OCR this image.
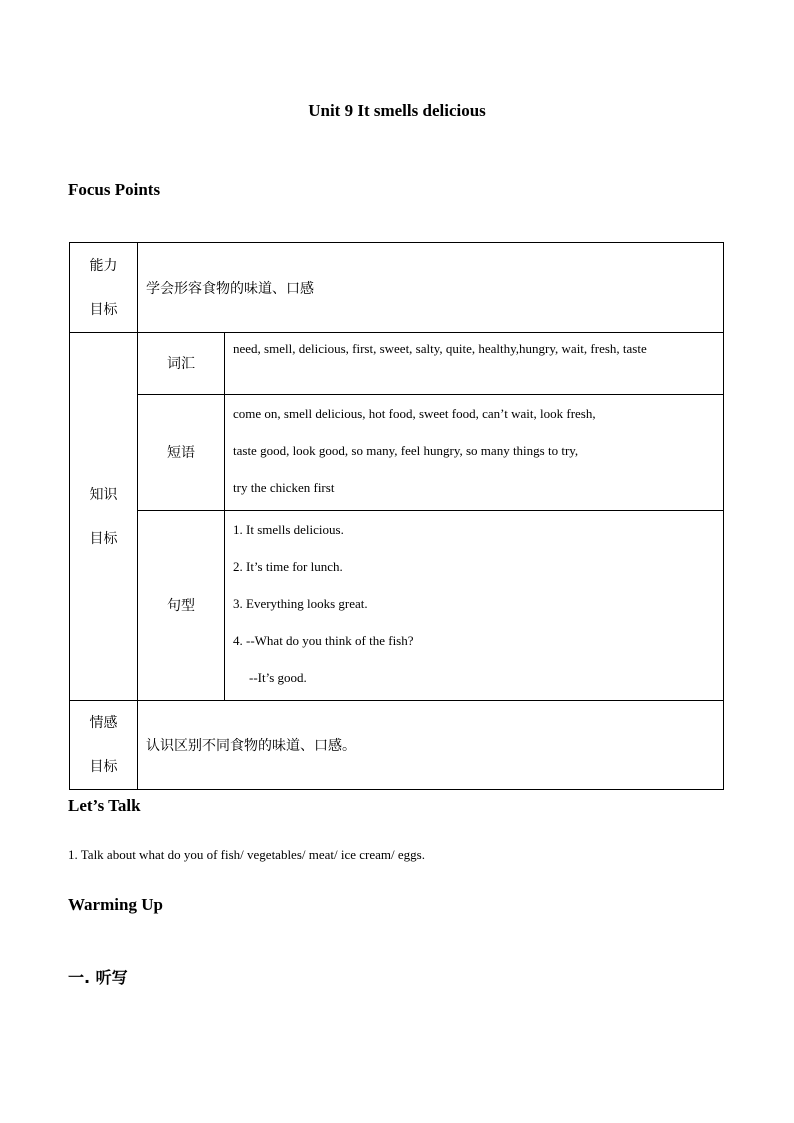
Unit 9 It smells delicious
Focus Points
能力
目标	学会形容食物的味道、口感	

知识
目标	词汇	need, smell, delicious, first, sweet, salty, quite, healthy,hungry, wait, fresh, taste
	短语	come on, smell delicious, hot food, sweet food, can’t wait, look fresh,
taste good, look good, so many, feel hungry, so many things to try,
try the chicken first

	句型	1. It smells delicious.
2. It’s time for lunch.
3. Everything looks great.
4. --What do you think of the fish?
--It’s good.

情感
目标	认识区别不同食物的味道、口感。	
Let’s Talk
1. Talk about what do you of fish/ vegetables/ meat/ ice cream/ eggs.
Warming Up
一. 听写
